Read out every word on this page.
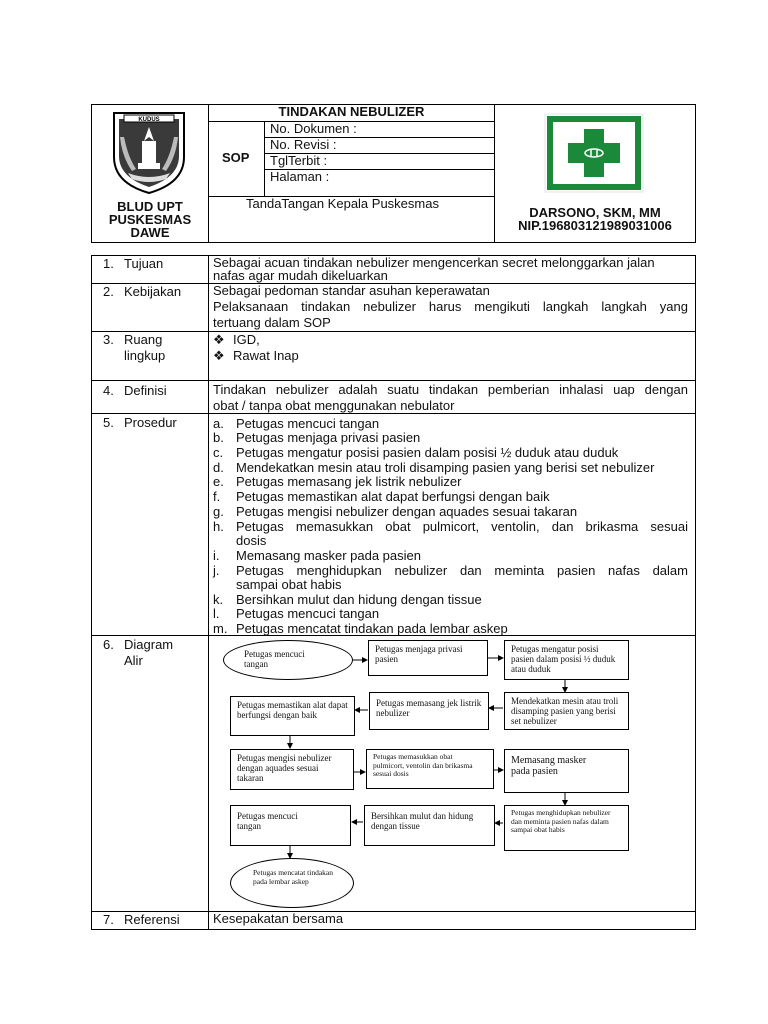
KUDUS
BLUD UPT
PUSKESMAS
DAWE
TINDAKAN NEBULIZER
SOP
No. Dokumen :
No. Revisi :
TglTerbit :
Halaman :
TandaTangan Kepala Puskesmas
DARSONO, SKM, MM
NIP.196803121989031006
1. Tujuan	Sebagai acuan tindakan nebulizer mengencerkan secret melonggarkan jalan
nafas agar mudah dikeluarkan
2. Kebijakan Sebagai pedoman standar asuhan keperawatan
Pelaksanaan tindakan nebulizer harus mengikuti langkah langkah yang
tertuang dalam SOP
3. Ruang
lingkup
❖ IGD,
❖ Rawat Inap
4. Definisi	Tindakan nebulizer adalah suatu tindakan pemberian inhalasi uap dengan
obat / tanpa obat menggunakan nebulator
5. Prosedur	a. Petugas mencuci tangan
b. Petugas menjaga privasi pasien
c. Petugas mengatur posisi pasien dalam posisi ½ duduk atau duduk
d. Mendekatkan mesin atau troli disamping pasien yang berisi set nebulizer
e. Petugas memasang jek listrik nebulizer
f. Petugas memastikan alat dapat berfungsi dengan baik
g. Petugas mengisi nebulizer dengan aquades sesuai takaran
h. Petugas memasukkan obat pulmicort, ventolin, dan brikasma sesuai
dosis
i. Memasang masker pada pasien
j. Petugas menghidupkan nebulizer dan meminta pasien nafas dalam
sampai obat habis
k. Bersihkan mulut dan hidung dengan tissue
l. Petugas mencuci tangan
m. Petugas mencatat tindakan pada lembar askep
6. Diagram
Alir	Petugas mencuci tangan
Petugas menjaga privasi pasien
Petugas mengatur posisi pasien dalam posisi ½ duduk atau duduk
Mendekatkan mesin atau troli disamping pasien yang berisi set nebulizer
Petugas memasang jek listrik nebulizer
Petugas memastikan alat dapat berfungsi dengan baik
Petugas mengisi nebulizer dengan aquades sesuai takaran
Petugas memasukkan obat pulmicort, ventolin dan brikasma sesuai dosis
Memasang masker pada pasien
Petugas menghidupkan nebulizer dan meminta pasien nafas dalam sampai obat habis
Bersihkan mulut dan hidung dengan tissue
Petugas mencuci tangan
Petugas mencatat tindakan pada lembar askep
7. Referensi	Kesepakatan bersama
